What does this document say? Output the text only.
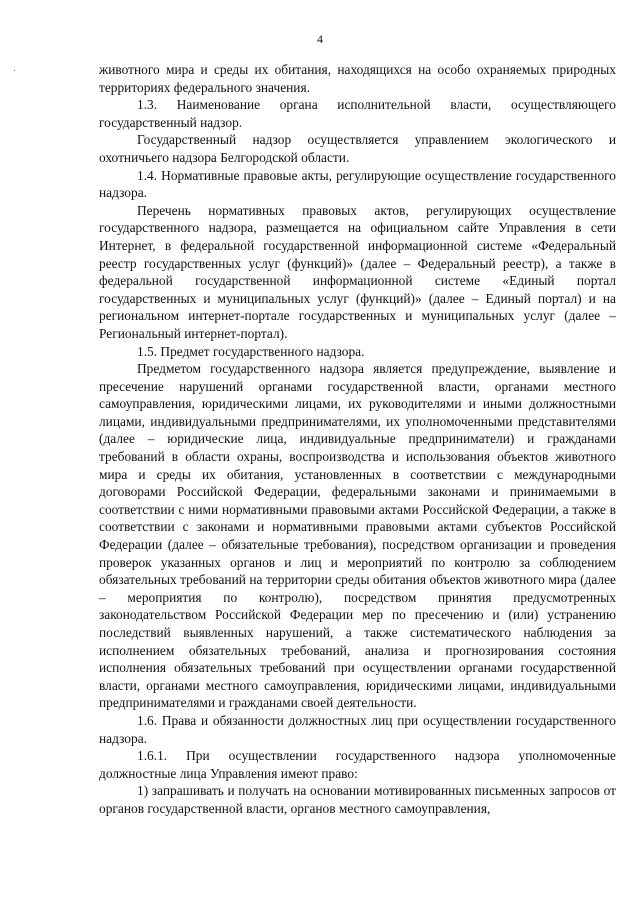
4

животного мира и среды их обитания, находящихся на особо охраняемых природных территориях федерального значения.

1.3. Наименование органа исполнительной власти, осуществляющего государственный надзор.

Государственный надзор осуществляется управлением экологического и охотничьего надзора Белгородской области.

1.4. Нормативные правовые акты, регулирующие осуществление государственного надзора.

Перечень нормативных правовых актов, регулирующих осуществление государственного надзора, размещается на официальном сайте Управления в сети Интернет, в федеральной государственной информационной системе «Федеральный реестр государственных услуг (функций)» (далее – Федеральный реестр), а также в федеральной государственной информационной системе «Единый портал государственных и муниципальных услуг (функций)» (далее – Единый портал) и на региональном интернет-портале государственных и муниципальных услуг (далее – Региональный интернет-портал).

1.5. Предмет государственного надзора.

Предметом государственного надзора является предупреждение, выявление и пресечение нарушений органами государственной власти, органами местного самоуправления, юридическими лицами, их руководителями и иными должностными лицами, индивидуальными предпринимателями, их уполномоченными представителями (далее – юридические лица, индивидуальные предприниматели) и гражданами требований в области охраны, воспроизводства и использования объектов животного мира и среды их обитания, установленных в соответствии с международными договорами Российской Федерации, федеральными законами и принимаемыми в соответствии с ними нормативными правовыми актами Российской Федерации, а также в соответствии с законами и нормативными правовыми актами субъектов Российской Федерации (далее – обязательные требования), посредством организации и проведения проверок указанных органов и лиц и мероприятий по контролю за соблюдением обязательных требований на территории среды обитания объектов животного мира (далее – мероприятия по контролю), посредством принятия предусмотренных законодательством Российской Федерации мер по пресечению и (или) устранению последствий выявленных нарушений, а также систематического наблюдения за исполнением обязательных требований, анализа и прогнозирования состояния исполнения обязательных требований при осуществлении органами государственной власти, органами местного самоуправления, юридическими лицами, индивидуальными предпринимателями и гражданами своей деятельности.

1.6. Права и обязанности должностных лиц при осуществлении государственного надзора.

1.6.1. При осуществлении государственного надзора уполномоченные должностные лица Управления имеют право:

1) запрашивать и получать на основании мотивированных письменных запросов от органов государственной власти, органов местного самоуправления,
